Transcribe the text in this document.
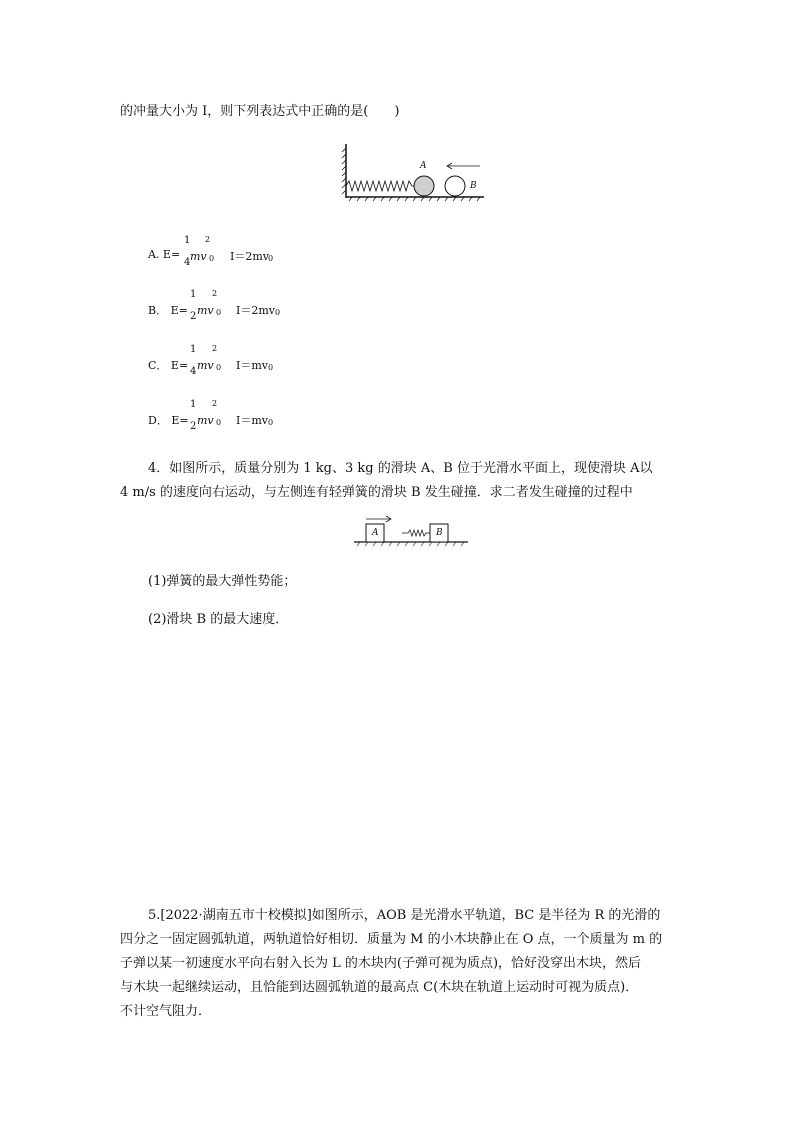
的冲量大小为 I，则下列表达式中正确的是(　　)
A
B
A. E=
1
4
2
mv 0 I＝2mv 0
B． E=
1
2
2
mv 0 I＝2mv 0
C． E=
1
4
2
mv 0 I＝mv 0
D． E=
1
2
2
mv 0 I＝mv 0
4．如图所示，质量分别为 1 kg、3 kg 的滑块 A、B 位于光滑水平面上，现使滑块 A以
4 m/s 的速度向右运动，与左侧连有轻弹簧的滑块 B 发生碰撞．求二者发生碰撞的过程中
A	B
(1)弹簧的最大弹性势能；
(2)滑块 B 的最大速度．
5.[2022·湖南五市十校模拟]如图所示，AOB 是光滑水平轨道，BC 是半径为 R 的光滑的
四分之一固定圆弧轨道，两轨道恰好相切．质量为 M 的小木块静止在 O 点，一个质量为 m 的
子弹以某一初速度水平向右射入长为 L 的木块内(子弹可视为质点)，恰好没穿出木块，然后
与木块一起继续运动，且恰能到达圆弧轨道的最高点 C(木块在轨道上运动时可视为质点)．
不计空气阻力．
